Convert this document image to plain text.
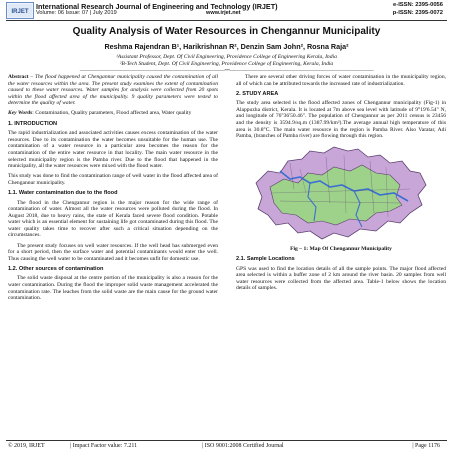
IRJET
International Research Journal of Engineering and Technology (IRJET)
Volume: 06 Issue: 07 | July 2019	www.irjet.net
e-ISSN: 2395-0056
p-ISSN: 2395-0072
Quality Analysis of Water Resources in Chengannur Municipality
Reshma Rajendran B¹, Harikrishnan R², Denzin Sam John², Rosna Raja²
¹Assistant Professor, Dept. Of Civil Engineering, Providence College of Engineering Kerala, India
²B-Tech Student, Dept. Of Civil Engineering, Providence College of Engineering, Kerala, India
-------------------------------------------------------------------------------------------------------------------------------------------------***------------------------------------------------------------------------------------------------------------------------------------------------

Abstract – The flood happened at Chengannur municipality caused the contamination of all the water resources within the area. The present study examines the extent of contamination caused to these water resources. Water samples for analysis were collected from 20 spots within the flood affected area of the municipality. 9 quality parameters were tested to determine the quality of water.

Key Words: Contamination, Quality parameters, Flood affected area, Water quality

1. INTRODUCTION

The rapid industrialization and associated activities causes excess contamination of the water resources. Due to its contamination the water becomes unsuitable for the human use. The contamination of a water resource in a particular area becomes the reason for the contamination of the entire water resource in that locality. The main water resource in the selected municipality region is the Pamba river. Due to the flood that happened in the municipality, all the water resources were mixed with the flood water.

This study was done to find the contamination range of well water in the flood affected area of Chengannur municipality.

1.1. Water contamination due to the flood

The flood in the Chengannur region is the major reason for the wide range of contamination of water. Almost all the water resources were polluted during the flood. In August 2018, due to heavy rains, the state of Kerala faced severe flood condition. Potable water which is an essential element for sustaining life got contaminated during this flood. The water quality takes time to recover after such a critical situation depending on the circumstances.

The present study focuses on well water resources. If the well head has submerged even for a short period, then the surface water and potential contaminants would enter the well. Thus causing the well water to be contaminated and it becomes unfit for domestic use.

1.2. Other sources of contamination

The solid waste disposal at the centre portion of the municipality is also a reason for the water contamination. During the flood the improper solid waste management accelerated the contamination rate. The leaches from the solid waste are the main cause for the ground water contamination.

There are several other driving forces of water contamination in the municipality region, all of which can be attributed towards the increased rate of industrialization.

2. STUDY AREA

The study area selected is the flood affected zones of Chengannur municipality (Fig-1) in Alappuzha district, Kerala. It is located at 7m above sea level with latitude of 9°19'6.54" N, and longitude of 76°36'50.46". The population of Chengannur as per 2011 census is 23456 and the density is 3594.9/sq.m (1387.99/km²).The average annual high temperature of this area is 30.8°C. The main water resource in the region is Pamba River. Also Varatar, Adi Pamba, (branches of Pamba river) are flowing through this region.

Fig – 1: Map Of Chengannur Municipality
2.1. Sample Locations

GPS was used to find the location details of all the sample points. The major flood affected area selected is within a buffer zone of 2 km around the river basin. 20 samples from well water resources were collected from the affected area. Table-1 below shows the location details of samples.

© 2019, IRJET	| Impact Factor value: 7.211	| ISO 9001:2008 Certified Journal	| Page 1176
